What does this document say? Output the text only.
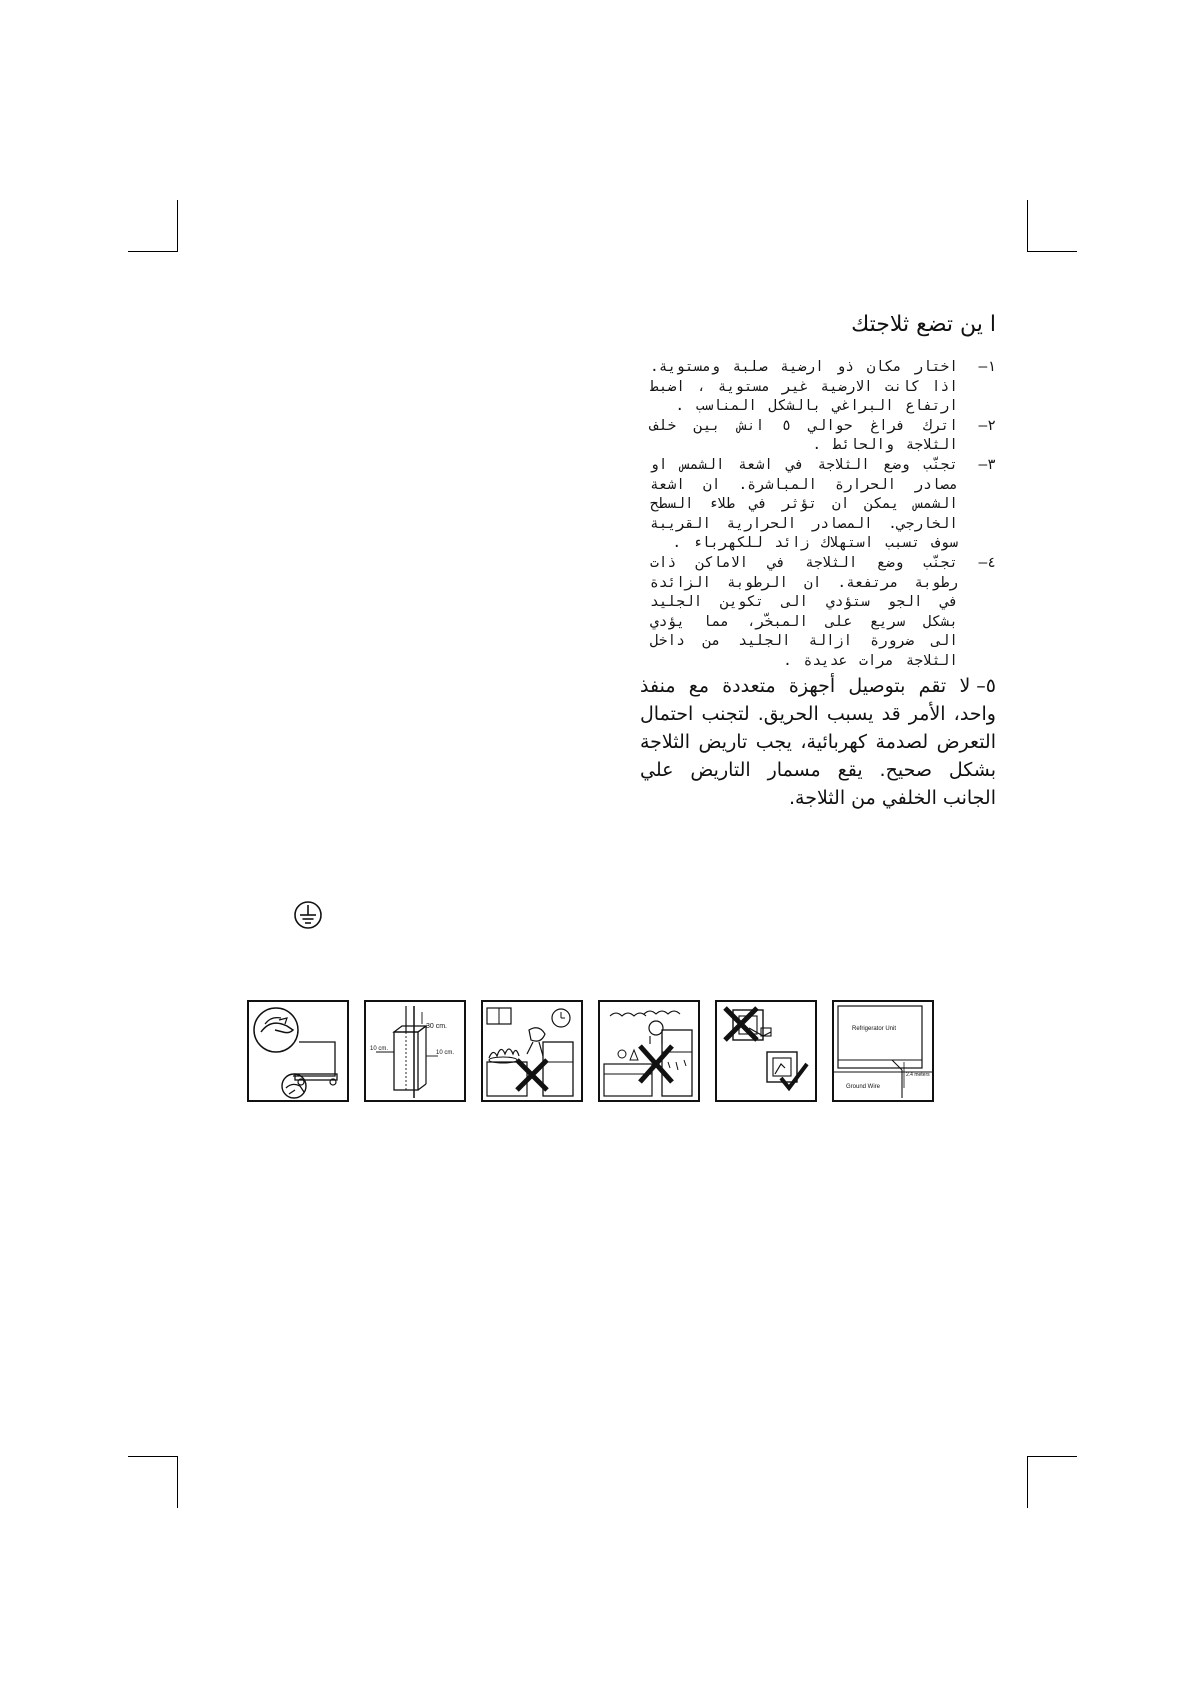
ا ين تضع ثلاجتك
١–
اختار مكان ذو ارضية صلبة ومستوية. اذا كانت الارضية غير مستوية ، اضبط ارتفاع البراغي بالشكل المناسب .
٢–
اترك فراغ حوالي ٥ انش بين خلف الثلاجة والحائط .
٣–
تجنّب وضع الثلاجة في اشعة الشمس او مصادر الحرارة المباشرة. ان اشعة الشمس يمكن ان تؤثر في طلاء السطح الخارجي. المصادر الحرارية القريبة سوف تسبب استهلاك زائد للكهرباء .
٤–
تجنّب وضع الثلاجة في الاماكن ذات رطوبة مرتفعة. ان الرطوبة الزائدة في الجو ستؤدي الى تكوين الجليد بشكل سريع على المبخّر، مما يؤدي الى ضرورة ازالة الجليد من داخل الثلاجة مرات عديدة .
٥–لا تقم بتوصيل أجهزة متعددة مع منفذ واحد، الأمر قد يسبب الحريق. لتجنب احتمال التعرض لصدمة كهربائية، يجب تاريض الثلاجة بشكل صحيح. يقع مسمار التاريض علي الجانب الخلفي من الثلاجة.
30 cm.
10 cm.
10 cm.
Refrigerator Unit
2.4 meters
Ground Wire
